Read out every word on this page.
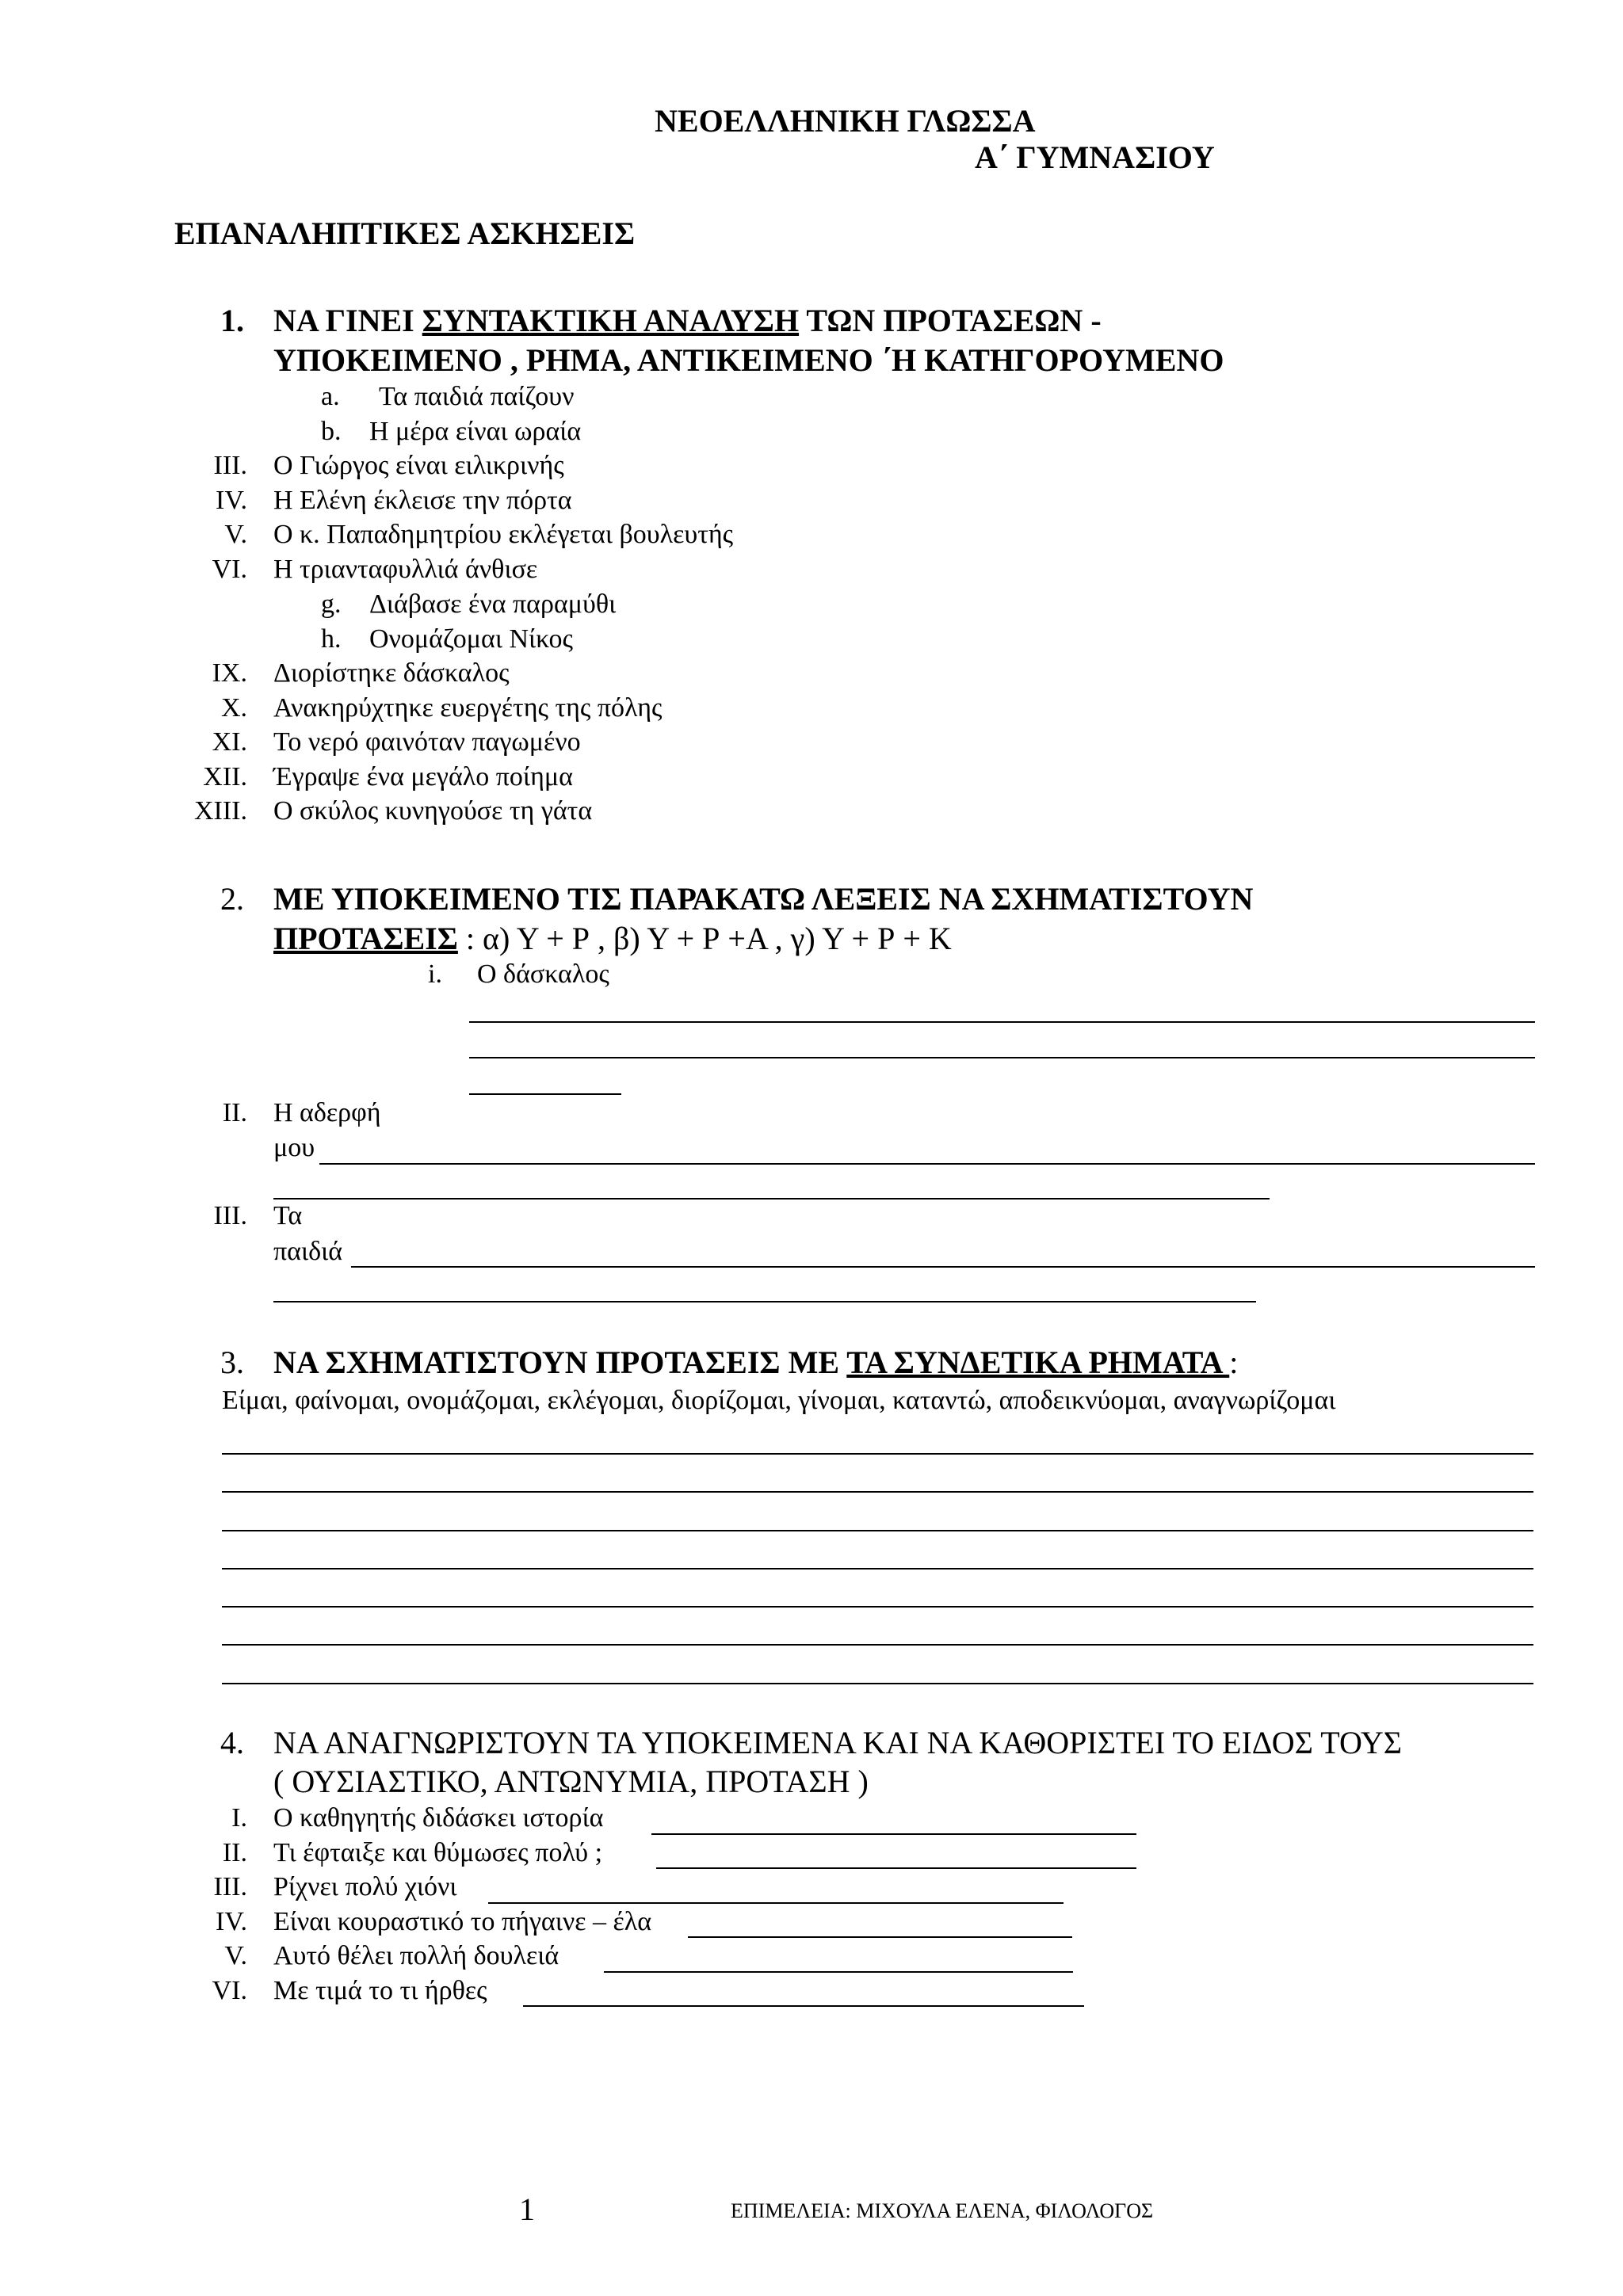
ΝΕΟΕΛΛΗΝΙΚΗ ΓΛΩΣΣΑ
Α΄ ΓΥΜΝΑΣΙΟΥ
ΕΠΑΝΑΛΗΠΤΙΚΕΣ ΑΣΚΗΣΕΙΣ
1. ΝΑ ΓΙΝΕΙ ΣΥΝΤΑΚΤΙΚΗ ΑΝΑΛΥΣΗ ΤΩΝ ΠΡΟΤΑΣΕΩΝ -
ΥΠΟΚΕΙΜΕΝΟ , ΡΗΜΑ, ΑΝΤΙΚΕΙΜΕΝΟ ΄Η ΚΑΤΗΓΟΡΟΥΜΕΝΟ
a. Τα παιδιά παίζουν
b. Η μέρα είναι ωραία
III. Ο Γιώργος είναι ειλικρινής
IV. Η Ελένη έκλεισε την πόρτα
V. Ο κ. Παπαδημητρίου εκλέγεται βουλευτής
VI. Η τριανταφυλλιά άνθισε
g. Διάβασε ένα παραμύθι
h. Ονομάζομαι Νίκος
IX. Διορίστηκε δάσκαλος
X. Ανακηρύχτηκε ευεργέτης της πόλης
XI. Το νερό φαινόταν παγωμένο
XII. Έγραψε ένα μεγάλο ποίημα
XIII. Ο σκύλος κυνηγούσε τη γάτα
2. ΜΕ ΥΠΟΚΕΙΜΕΝΟ ΤΙΣ ΠΑΡΑΚΑΤΩ ΛΕΞΕΙΣ ΝΑ ΣΧΗΜΑΤΙΣΤΟΥΝ
ΠΡΟΤΑΣΕΙΣ : α) Υ + Ρ , β) Υ + Ρ +Α , γ) Υ + Ρ + Κ
i. Ο δάσκαλος
II. Η αδερφή
μου
III. Τα
παιδιά
3. ΝΑ ΣΧΗΜΑΤΙΣΤΟΥΝ ΠΡΟΤΑΣΕΙΣ ΜΕ ΤΑ ΣΥΝΔΕΤΙΚΑ ΡΗΜΑΤΑ :
Είμαι, φαίνομαι, ονομάζομαι, εκλέγομαι, διορίζομαι, γίνομαι, καταντώ, αποδεικνύομαι, αναγνωρίζομαι
4. ΝΑ ΑΝΑΓΝΩΡΙΣΤΟΥΝ ΤΑ ΥΠΟΚΕΙΜΕΝΑ ΚΑΙ ΝΑ ΚΑΘΟΡΙΣΤΕΙ ΤΟ ΕΙΔΟΣ ΤΟΥΣ
( ΟΥΣΙΑΣΤΙΚΟ, ΑΝΤΩΝΥΜΙΑ, ΠΡΟΤΑΣΗ )
I. Ο καθηγητής διδάσκει ιστορία
II. Τι έφταιξε και θύμωσες πολύ ;
III. Ρίχνει πολύ χιόνι
IV. Είναι κουραστικό το πήγαινε – έλα
V. Αυτό θέλει πολλή δουλειά
VI. Με τιμά το τι ήρθες
1	ΕΠΙΜΕΛΕΙΑ: ΜΙΧΟΥΛΑ ΕΛΕΝΑ, ΦΙΛΟΛΟΓΟΣ
